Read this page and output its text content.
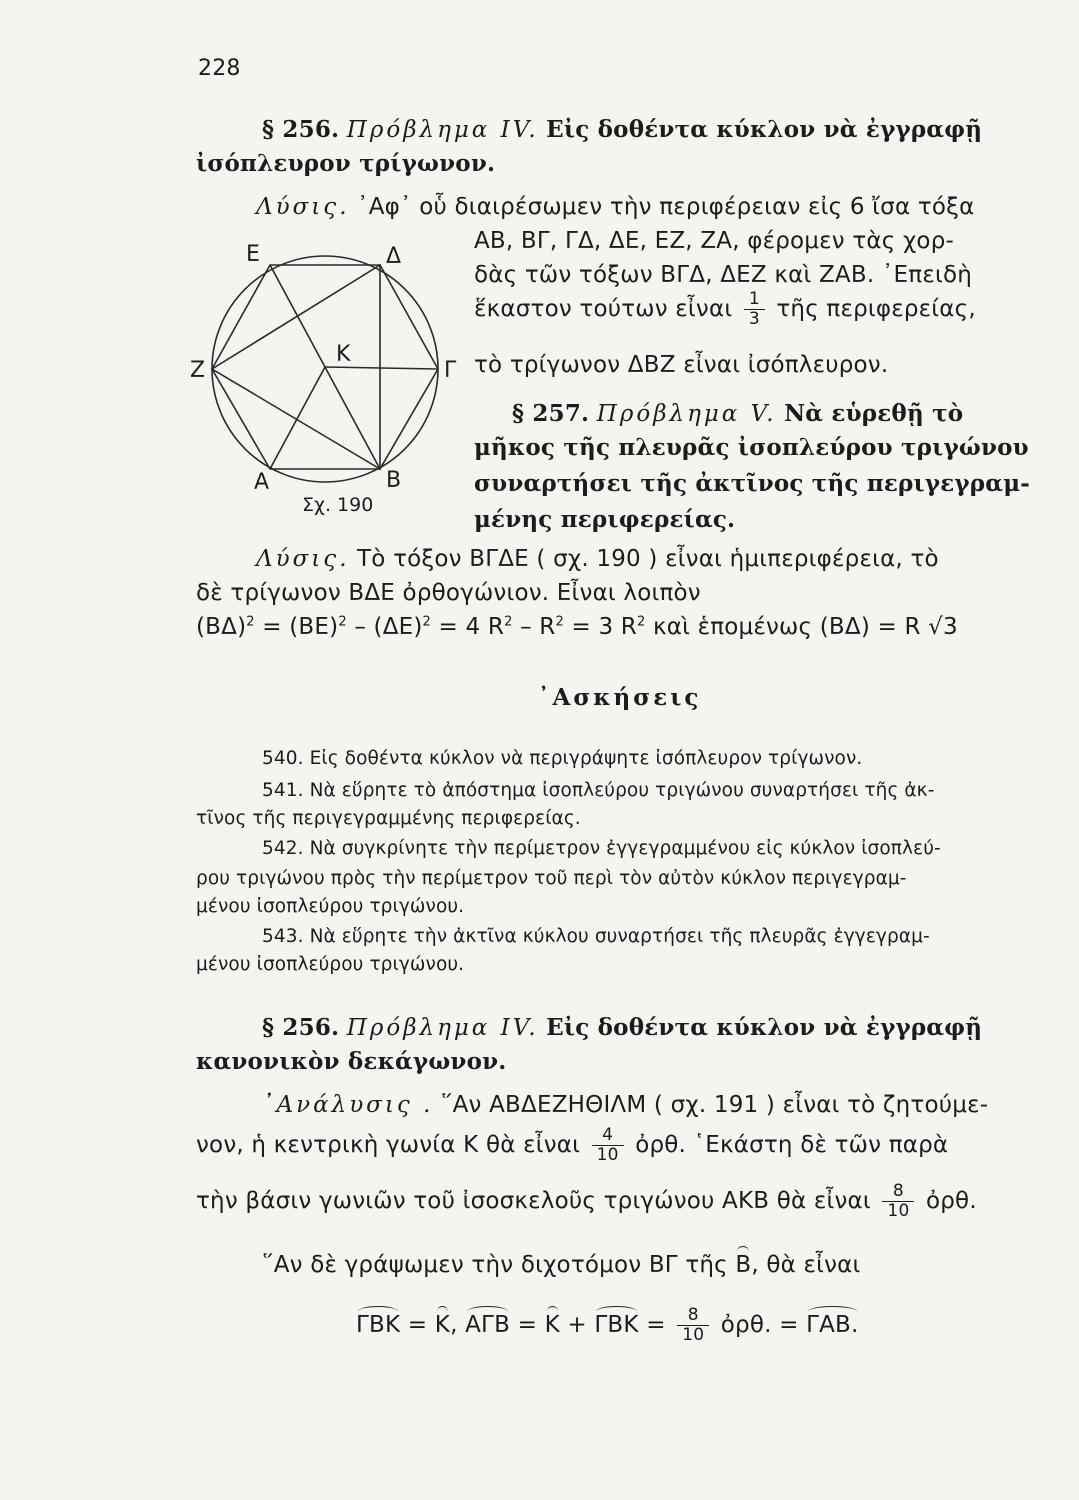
228
§ 256. Πρόβλημα IV. Εἰς δοθέντα κύκλον νὰ ἐγγραφῇ
ἰσόπλευρον τρίγωνον.
Λύσις. ᾿Αφ᾿ οὗ διαιρέσωμεν τὴν περιφέρειαν εἰς 6 ἴσα τόξα
ΑΒ, ΒΓ, ΓΔ, ΔΕ, ΕΖ, ΖΑ, φέρομεν τὰς χορ-
δὰς τῶν τόξων ΒΓΔ, ΔΕΖ καὶ ΖΑΒ. ᾿Επειδὴ
ἕκαστον τούτων εἶναι $\frac{1}{3}$ τῆς περιφερείας,
τὸ τρίγωνον ΔΒΖ εἶναι ἰσόπλευρον.
Ε	Δ
Ζ
Κ
Γ
Α	Β
Σχ. 190
§ 257. Πρόβλημα V. Νὰ εὑρεθῇ τὸ
μῆκος τῆς πλευρᾶς ἰσοπλεύρου τριγώνου
συναρτήσει τῆς ἀκτῖνος τῆς περιγεγραμ-
μένης περιφερείας.
Λύσις. Τὸ τόξον ΒΓΔΕ ( σχ. 190 ) εἶναι ἡμιπεριφέρεια, τὸ
δὲ τρίγωνον ΒΔΕ ὀρθογώνιον. Εἶναι λοιπὸν
$(B\Delta)^2 = (BE)^2 - (\Delta E)^2 = 4$ $R^2 - R^2 = 3$ $R^2$ καὶ ἑπομένως (ΒΔ) = R √3
᾿Ασκήσεις
540. Εἰς δοθέντα κύκλον νὰ περιγράψητε ἰσόπλευρον τρίγωνον.
541. Νὰ εὕρητε τὸ ἀπόστημα ἰσοπλεύρου τριγώνου συναρτήσει τῆς ἀκ-
τῖνος τῆς περιγεγραμμένης περιφερείας.
542. Νὰ συγκρίνητε τὴν περίμετρον ἐγγεγραμμένου εἰς κύκλον ἰσοπλεύ-
ρου τριγώνου πρὸς τὴν περίμετρον τοῦ περὶ τὸν αὐτὸν κύκλον περιγεγραμ-
μένου ἰσοπλεύρου τριγώνου.
543. Νὰ εὕρητε τὴν ἀκτῖνα κύκλου συναρτήσει τῆς πλευρᾶς ἐγγεγραμ-
μένου ἰσοπλεύρου τριγώνου.
§ 256. Πρόβλημα IV. Εἰς δοθέντα κύκλον νὰ ἐγγραφῇ
κανονικὸν δεκάγωνον.
᾿Ανάλυσις . ῞Αν ΑΒΔΕΖΗΘΙΛΜ ( σχ. 191 ) εἶναι τὸ ζητούμε-
νον, ἡ κεντρικὴ γωνία Κ θὰ εἶναι $\frac{4}{10}$ ὀρθ. ῾Εκάστη δὲ τῶν παρὰ
τὴν βάσιν γωνιῶν τοῦ ἰσοσκελοῦς τριγώνου ΑΚΒ θὰ εἶναι $\frac{8}{10}$ ὀρθ.
῞Αν δὲ γράψωμεν τὴν διχοτόμον ΒΓ τῆς Β, θὰ εἶναι
ΓΒΚ = Κ, $A\Gamma B = K + \Gamma BK = \frac{8}{10}$ ὀρθ. = ΓΑΒ.
